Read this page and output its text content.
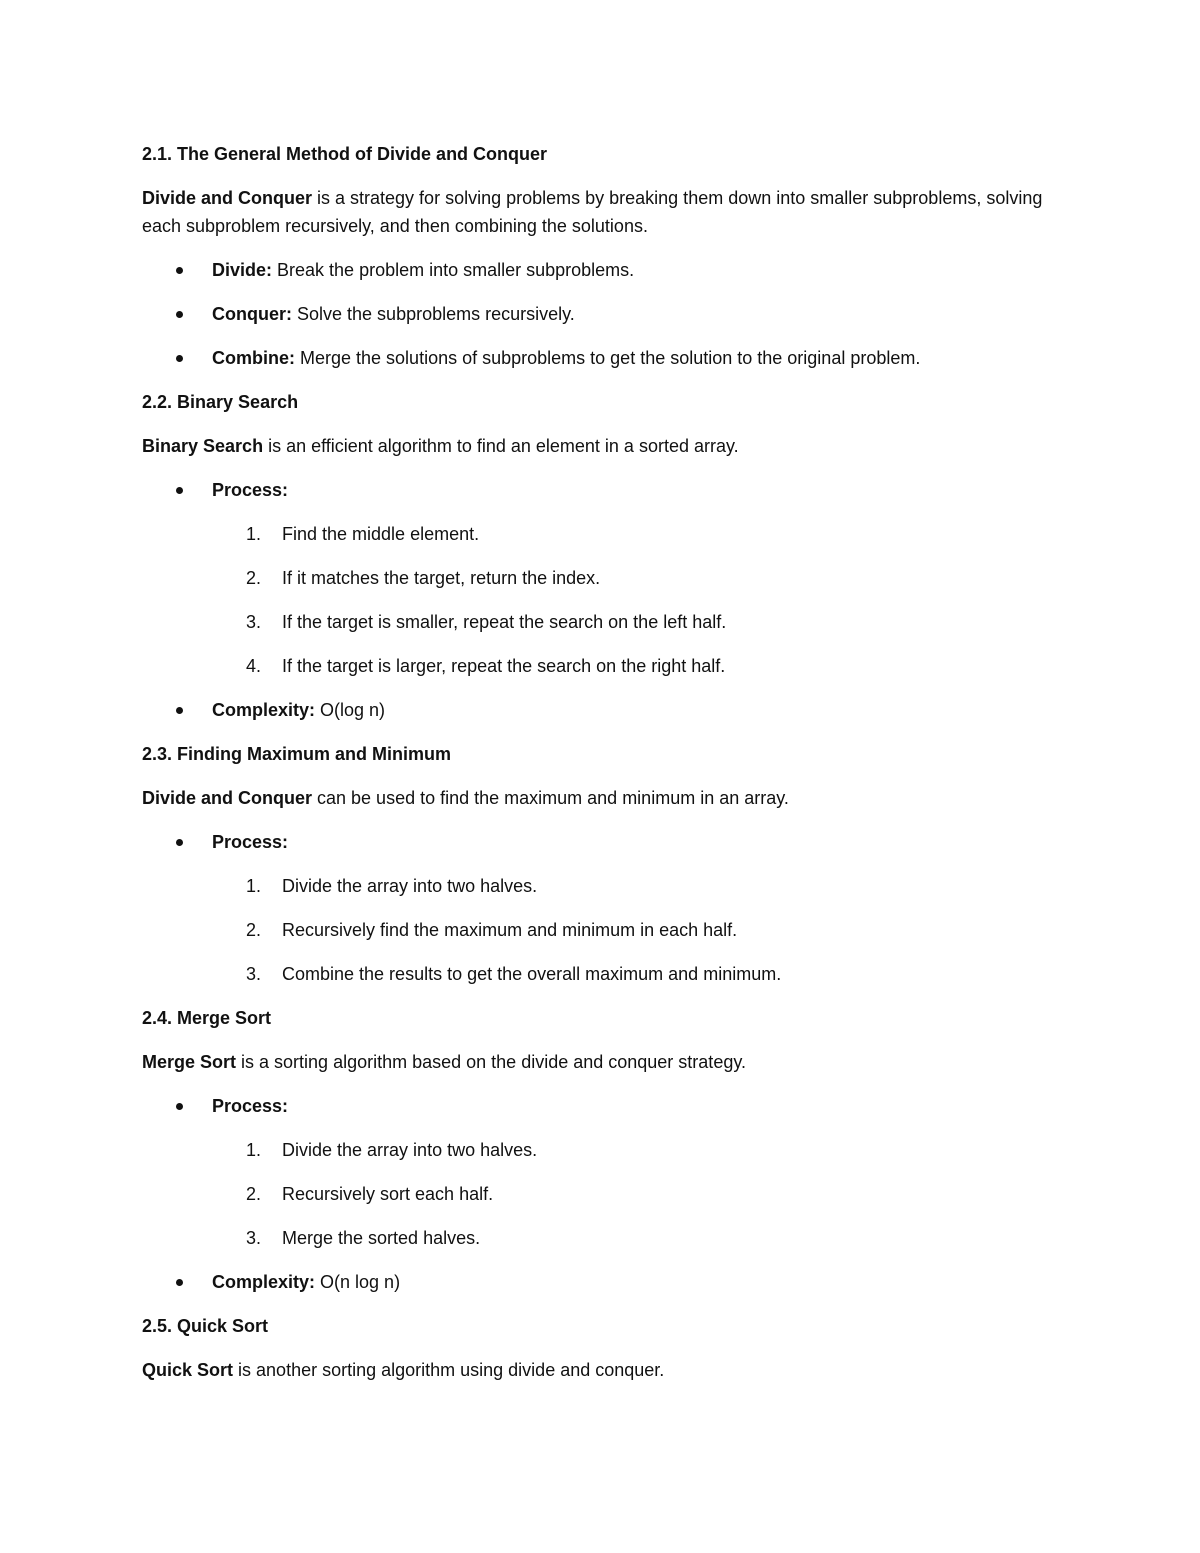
2.1. The General Method of Divide and Conquer
Divide and Conquer is a strategy for solving problems by breaking them down into smaller subproblems, solving each subproblem recursively, and then combining the solutions.
Divide: Break the problem into smaller subproblems.
Conquer: Solve the subproblems recursively.
Combine: Merge the solutions of subproblems to get the solution to the original problem.
2.2. Binary Search
Binary Search is an efficient algorithm to find an element in a sorted array.
Process:
1.	Find the middle element.
2.	If it matches the target, return the index.
3.	If the target is smaller, repeat the search on the left half.
4.	If the target is larger, repeat the search on the right half.
Complexity: O(log n)
2.3. Finding Maximum and Minimum
Divide and Conquer can be used to find the maximum and minimum in an array.
Process:
1.	Divide the array into two halves.
2.	Recursively find the maximum and minimum in each half.
3.	Combine the results to get the overall maximum and minimum.
2.4. Merge Sort
Merge Sort is a sorting algorithm based on the divide and conquer strategy.
Process:
1.	Divide the array into two halves.
2.	Recursively sort each half.
3.	Merge the sorted halves.
Complexity: O(n log n)
2.5. Quick Sort
Quick Sort is another sorting algorithm using divide and conquer.
